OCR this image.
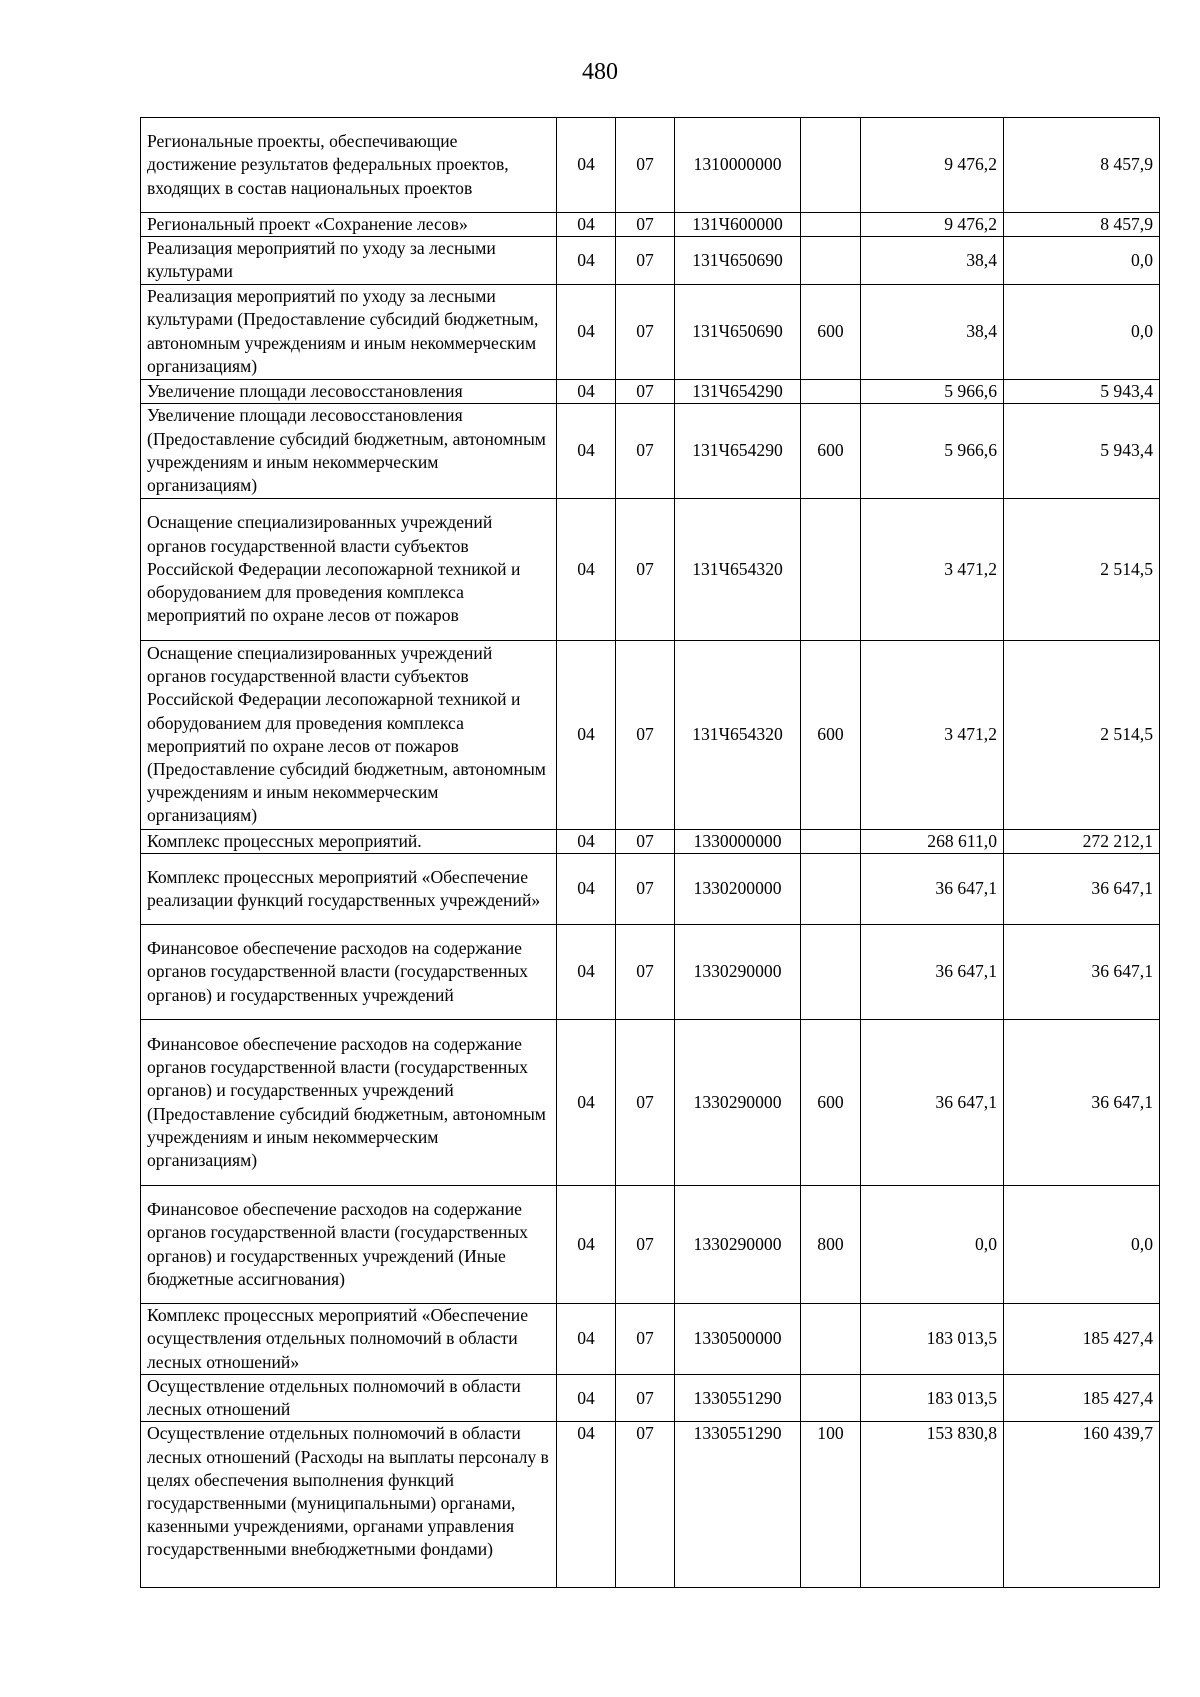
480
Региональные проекты, обеспечивающие достижение результатов федеральных проектов, входящих в состав национальных проектов	04	07	1310000000		9 476,2	8 457,9
Региональный проект «Сохранение лесов»	04	07	131Ч600000		9 476,2	8 457,9
Реализация мероприятий по уходу за лесными культурами	04	07	131Ч650690		38,4	0,0
Реализация мероприятий по уходу за лесными культурами (Предоставление субсидий бюджетным, автономным учреждениям и иным некоммерческим организациям)	04	07	131Ч650690	600	38,4	0,0
Увеличение площади лесовосстановления	04	07	131Ч654290		5 966,6	5 943,4
Увеличение площади лесовосстановления (Предоставление субсидий бюджетным, автономным учреждениям и иным некоммерческим организациям)	04	07	131Ч654290	600	5 966,6	5 943,4
Оснащение специализированных учреждений органов государственной власти субъектов Российской Федерации лесопожарной техникой и оборудованием для проведения комплекса мероприятий по охране лесов от пожаров	04	07	131Ч654320		3 471,2	2 514,5
Оснащение специализированных учреждений органов государственной власти субъектов Российской Федерации лесопожарной техникой и оборудованием для проведения комплекса мероприятий по охране лесов от пожаров (Предоставление субсидий бюджетным, автономным учреждениям и иным некоммерческим организациям)	04	07	131Ч654320	600	3 471,2	2 514,5
Комплекс процессных мероприятий.	04	07	1330000000		268 611,0	272 212,1
Комплекс процессных мероприятий «Обеспечение реализации функций государственных учреждений»	04	07	1330200000		36 647,1	36 647,1
Финансовое обеспечение расходов на содержание органов государственной власти (государственных органов) и государственных учреждений	04	07	1330290000		36 647,1	36 647,1
Финансовое обеспечение расходов на содержание органов государственной власти (государственных органов) и государственных учреждений (Предоставление субсидий бюджетным, автономным учреждениям и иным некоммерческим организациям)	04	07	1330290000	600	36 647,1	36 647,1
Финансовое обеспечение расходов на содержание органов государственной власти (государственных органов) и государственных учреждений (Иные бюджетные ассигнования)	04	07	1330290000	800	0,0	0,0
Комплекс процессных мероприятий «Обеспечение осуществления отдельных полномочий в области лесных отношений»	04	07	1330500000		183 013,5	185 427,4
Осуществление отдельных полномочий в области лесных отношений	04	07	1330551290		183 013,5	185 427,4
Осуществление отдельных полномочий в области лесных отношений (Расходы на выплаты персоналу в целях обеспечения выполнения функций государственными (муниципальными) органами, казенными учреждениями, органами управления государственными внебюджетными фондами)	04	07	1330551290	100	153 830,8	160 439,7
